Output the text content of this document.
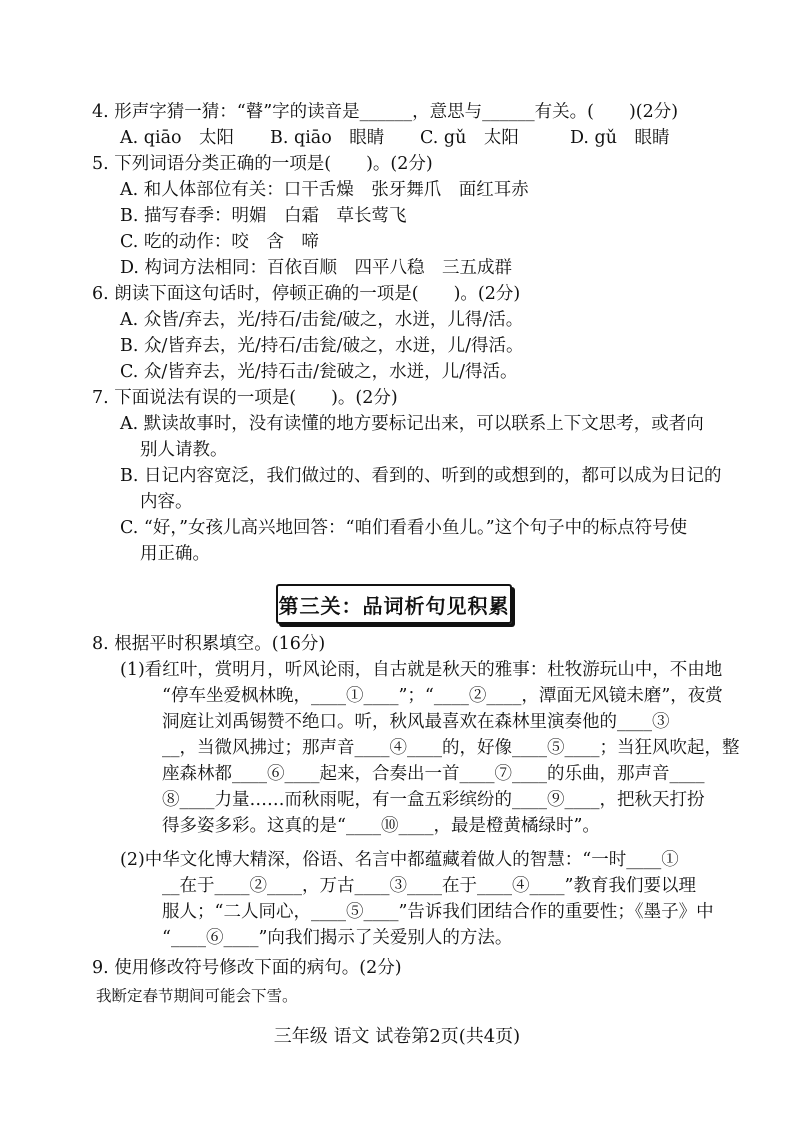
4. 形声字猜一猜：“瞽”字的读音是______，意思与______有关。(　　)(2分)
A. qiāo　太阳	B. qiāo　眼睛	C. gǔ　太阳	D. gǔ　眼睛
5. 下列词语分类正确的一项是(　　)。(2分)
A. 和人体部位有关：口干舌燥　张牙舞爪　面红耳赤
B. 描写春季：明媚　白霜　草长莺飞
C. 吃的动作：咬　含　啼
D. 构词方法相同：百依百顺　四平八稳　三五成群
6. 朗读下面这句话时，停顿正确的一项是(　　)。(2分)
A. 众皆/弃去，光/持石/击瓮/破之，水迸，儿得/活。
B. 众/皆弃去，光/持石/击瓮/破之，水迸，儿/得活。
C. 众/皆弃去，光/持石击/瓮破之，水迸，儿/得活。
7. 下面说法有误的一项是(　　)。(2分)
A. 默读故事时，没有读懂的地方要标记出来，可以联系上下文思考，或者向
别人请教。
B. 日记内容宽泛，我们做过的、看到的、听到的或想到的，都可以成为日记的
内容。
C. “好，”女孩儿高兴地回答：“咱们看看小鱼儿。”这个句子中的标点符号使
用正确。
第三关：品词析句见积累
8. 根据平时积累填空。(16分)
(1)看红叶，赏明月，听风论雨，自古就是秋天的雅事：杜牧游玩山中，不由地
“停车坐爱枫林晚，____①____”；“____②____，潭面无风镜未磨”，夜赏
洞庭让刘禹锡赞不绝口。听，秋风最喜欢在森林里演奏他的____③
__，当微风拂过；那声音____④____的，好像____⑤____；当狂风吹起，整
座森林都____⑥____起来，合奏出一首____⑦____的乐曲，那声音____
⑧____力量……而秋雨呢，有一盒五彩缤纷的____⑨____，把秋天打扮
得多姿多彩。这真的是“____⑩____，最是橙黄橘绿时”。
(2)中华文化博大精深，俗语、名言中都蕴藏着做人的智慧：“一时____①
__在于____②____，万古____③____在于____④____”教育我们要以理
服人；“二人同心，____⑤____”告诉我们团结合作的重要性；《墨子》中
“____⑥____”向我们揭示了关爱别人的方法。
9. 使用修改符号修改下面的病句。(2分)
我断定春节期间可能会下雪。
三年级 语文 试卷第2页(共4页)
